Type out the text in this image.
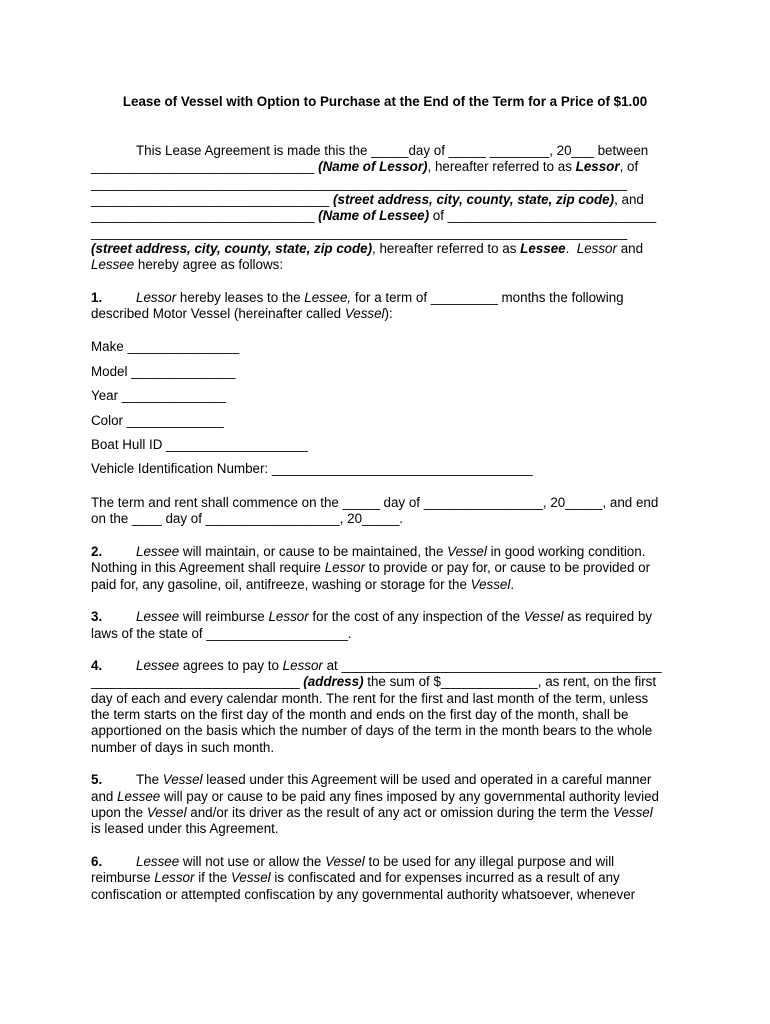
Lease of Vessel with Option to Purchase at the End of the Term for a Price of $1.00
This Lease Agreement is made this the _____day of _____ ________, 20___ between
______________________________ (Name of Lessor), hereafter referred to as Lessor, of
________________________________________________________________________
________________________________ (street address, city, county, state, zip code), and
______________________________ (Name of Lessee) of ____________________________
________________________________________________________________________
(street address, city, county, state, zip code), hereafter referred to as Lessee.  Lessor and
Lessee hereby agree as follows:
1.	Lessor hereby leases to the Lessee, for a term of _________ months the following
described Motor Vessel (hereinafter called Vessel):
Make _______________
Model ______________
Year ______________
Color _____________
Boat Hull ID ___________________
Vehicle Identification Number: ___________________________________
The term and rent shall commence on the _____ day of ________________, 20_____, and end
on the ____ day of __________________, 20_____.
2.	Lessee will maintain, or cause to be maintained, the Vessel in good working condition.
Nothing in this Agreement shall require Lessor to provide or pay for, or cause to be provided or
paid for, any gasoline, oil, antifreeze, washing or storage for the Vessel.
3.	Lessee will reimburse Lessor for the cost of any inspection of the Vessel as required by
laws of the state of ___________________.
4.	Lessee agrees to pay to Lessor at ___________________________________________
____________________________ (address) the sum of $_____________, as rent, on the first
day of each and every calendar month. The rent for the first and last month of the term, unless
the term starts on the first day of the month and ends on the first day of the month, shall be
apportioned on the basis which the number of days of the term in the month bears to the whole
number of days in such month.
5.	The Vessel leased under this Agreement will be used and operated in a careful manner
and Lessee will pay or cause to be paid any fines imposed by any governmental authority levied
upon the Vessel and/or its driver as the result of any act or omission during the term the Vessel
is leased under this Agreement.
6.	Lessee will not use or allow the Vessel to be used for any illegal purpose and will
reimburse Lessor if the Vessel is confiscated and for expenses incurred as a result of any
confiscation or attempted confiscation by any governmental authority whatsoever, whenever
